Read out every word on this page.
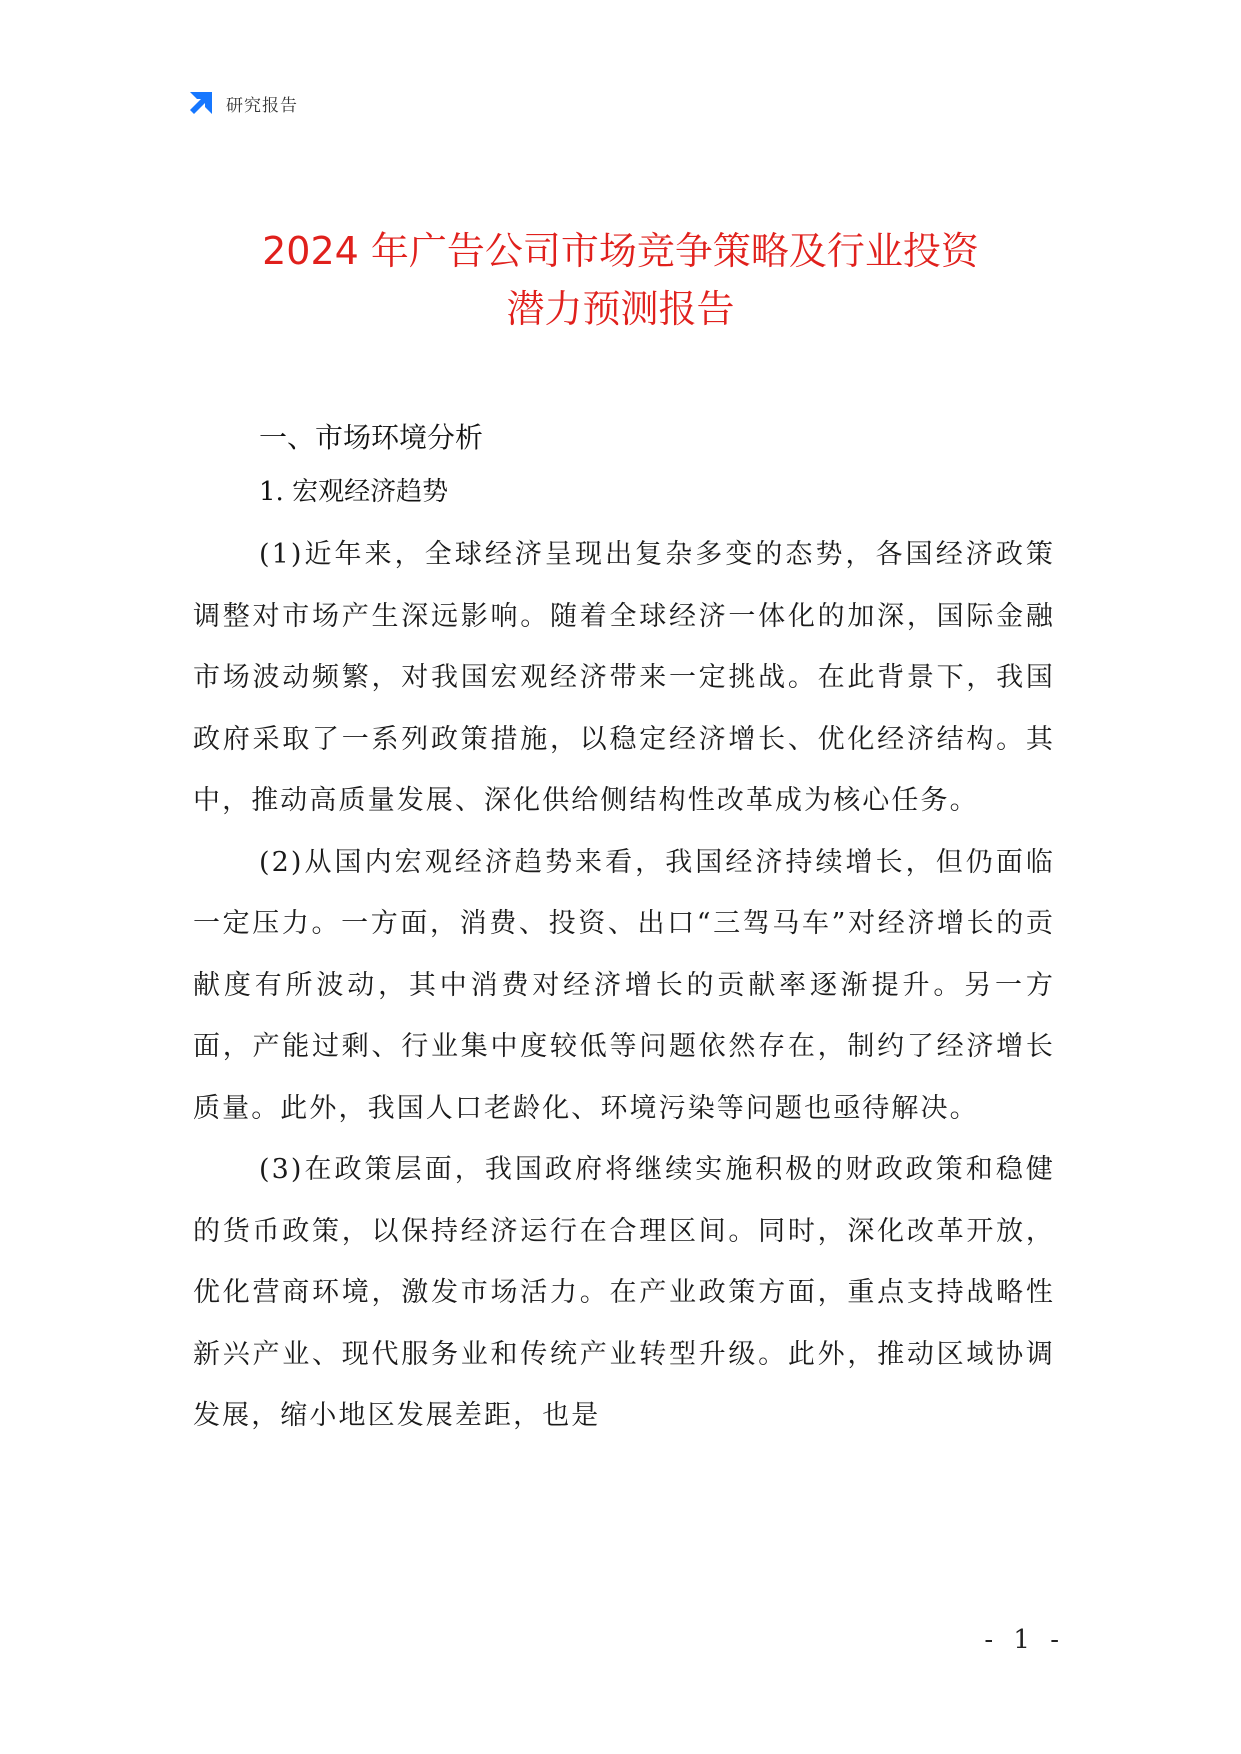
研究报告
2024 年广告公司市场竞争策略及行业投资
潜力预测报告
一、市场环境分析
1. 宏观经济趋势

(1)近年来，全球经济呈现出复杂多变的态势，各国经济政策调整对市场产生深远影响。随着全球经济一体化的加深，国际金融市场波动频繁，对我国宏观经济带来一定挑战。在此背景下，我国政府采取了一系列政策措施，以稳定经济增长、优化经济结构。其中，推动高质量发展、深化供给侧结构性改革成为核心任务。

(2)从国内宏观经济趋势来看，我国经济持续增长，但仍面临一定压力。一方面，消费、投资、出口“三驾马车”对经济增长的贡献度有所波动，其中消费对经济增长的贡献率逐渐提升。另一方面，产能过剩、行业集中度较低等问题依然存在，制约了经济增长质量。此外，我国人口老龄化、环境污染等问题也亟待解决。

(3)在政策层面，我国政府将继续实施积极的财政政策和稳健的货币政策，以保持经济运行在合理区间。同时，深化改革开放，优化营商环境，激发市场活力。在产业政策方面，重点支持战略性新兴产业、现代服务业和传统产业转型升级。此外，推动区域协调发展，缩小地区发展差距，也是

- 1 -
